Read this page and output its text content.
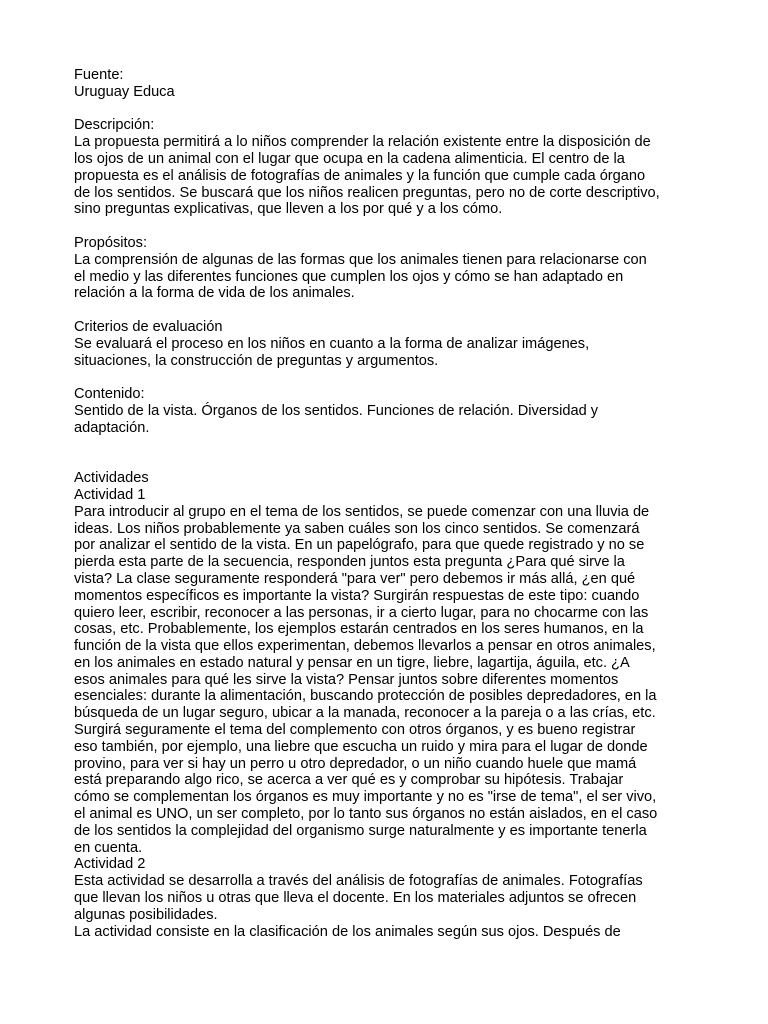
Fuente:
Uruguay Educa
Descripción:
La propuesta permitirá a lo niños comprender la relación existente entre la disposición de
los ojos de un animal con el lugar que ocupa en la cadena alimenticia. El centro de la
propuesta es el análisis de fotografías de animales y la función que cumple cada órgano
de los sentidos. Se buscará que los niños realicen preguntas, pero no de corte descriptivo,
sino preguntas explicativas, que lleven a los por qué y a los cómo.
Propósitos:
La comprensión de algunas de las formas que los animales tienen para relacionarse con
el medio y las diferentes funciones que cumplen los ojos y cómo se han adaptado en
relación a la forma de vida de los animales.
Criterios de evaluación
Se evaluará el proceso en los niños en cuanto a la forma de analizar imágenes,
situaciones, la construcción de preguntas y argumentos.
Contenido:
Sentido de la vista. Órganos de los sentidos. Funciones de relación. Diversidad y
adaptación.
Actividades
Actividad 1
Para introducir al grupo en el tema de los sentidos, se puede comenzar con una lluvia de
ideas. Los niños probablemente ya saben cuáles son los cinco sentidos. Se comenzará
por analizar el sentido de la vista. En un papelógrafo, para que quede registrado y no se
pierda esta parte de la secuencia, responden juntos esta pregunta ¿Para qué sirve la
vista? La clase seguramente responderá "para ver" pero debemos ir más allá, ¿en qué
momentos específicos es importante la vista? Surgirán respuestas de este tipo: cuando
quiero leer, escribir, reconocer a las personas, ir a cierto lugar, para no chocarme con las
cosas, etc. Probablemente, los ejemplos estarán centrados en los seres humanos, en la
función de la vista que ellos experimentan, debemos llevarlos a pensar en otros animales,
en los animales en estado natural y pensar en un tigre, liebre, lagartija, águila, etc. ¿A
esos animales para qué les sirve la vista? Pensar juntos sobre diferentes momentos
esenciales: durante la alimentación, buscando protección de posibles depredadores, en la
búsqueda de un lugar seguro, ubicar a la manada, reconocer a la pareja o a las crías, etc.
Surgirá seguramente el tema del complemento con otros órganos, y es bueno registrar
eso también, por ejemplo, una liebre que escucha un ruido y mira para el lugar de donde
provino, para ver si hay un perro u otro depredador, o un niño cuando huele que mamá
está preparando algo rico, se acerca a ver qué es y comprobar su hipótesis. Trabajar
cómo se complementan los órganos es muy importante y no es "irse de tema", el ser vivo,
el animal es UNO, un ser completo, por lo tanto sus órganos no están aislados, en el caso
de los sentidos la complejidad del organismo surge naturalmente y es importante tenerla
en cuenta.
Actividad 2
Esta actividad se desarrolla a través del análisis de fotografías de animales. Fotografías
que llevan los niños u otras que lleva el docente. En los materiales adjuntos se ofrecen
algunas posibilidades.
La actividad consiste en la clasificación de los animales según sus ojos. Después de
